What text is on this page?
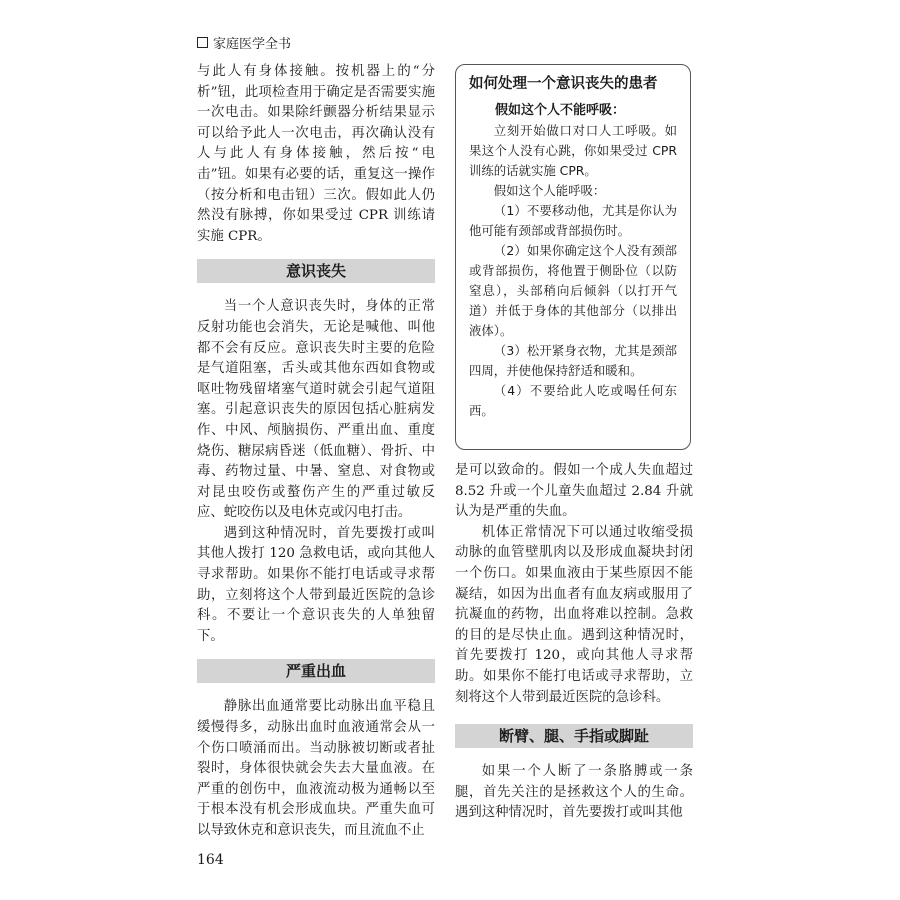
家庭医学全书

与此人有身体接触。按机器上的“分析”钮，此项检查用于确定是否需要实施一次电击。如果除纤颤器分析结果显示可以给予此人一次电击，再次确认没有人与此人有身体接触，然后按“电击”钮。如果有必要的话，重复这一操作（按分析和电击钮）三次。假如此人仍然没有脉搏，你如果受过 CPR 训练请实施 CPR。

意识丧失

当一个人意识丧失时，身体的正常反射功能也会消失，无论是喊他、叫他都不会有反应。意识丧失时主要的危险是气道阻塞，舌头或其他东西如食物或呕吐物残留堵塞气道时就会引起气道阻塞。引起意识丧失的原因包括心脏病发作、中风、颅脑损伤、严重出血、重度烧伤、糖尿病昏迷（低血糖）、骨折、中毒、药物过量、中暑、窒息、对食物或对昆虫咬伤或螯伤产生的严重过敏反应、蛇咬伤以及电休克或闪电打击。

遇到这种情况时，首先要拨打或叫其他人拨打 120 急救电话，或向其他人寻求帮助。如果你不能打电话或寻求帮助，立刻将这个人带到最近医院的急诊科。不要让一个意识丧失的人单独留下。

严重出血

静脉出血通常要比动脉出血平稳且缓慢得多，动脉出血时血液通常会从一个伤口喷涌而出。当动脉被切断或者扯裂时，身体很快就会失去大量血液。在严重的创伤中，血液流动极为通畅以至于根本没有机会形成血块。严重失血可以导致休克和意识丧失，而且流血不止

如何处理一个意识丧失的患者

假如这个人不能呼吸：

立刻开始做口对口人工呼吸。如果这个人没有心跳，你如果受过 CPR 训练的话就实施 CPR。

假如这个人能呼吸：

（1）不要移动他，尤其是你认为他可能有颈部或背部损伤时。

（2）如果你确定这个人没有颈部或背部损伤，将他置于侧卧位（以防窒息），头部稍向后倾斜（以打开气道）并低于身体的其他部分（以排出液体）。

（3）松开紧身衣物，尤其是颈部四周，并使他保持舒适和暖和。

（4）不要给此人吃或喝任何东西。

是可以致命的。假如一个成人失血超过 8.52 升或一个儿童失血超过 2.84 升就认为是严重的失血。

机体正常情况下可以通过收缩受损动脉的血管壁肌肉以及形成血凝块封闭一个伤口。如果血液由于某些原因不能凝结，如因为出血者有血友病或服用了抗凝血的药物，出血将难以控制。急救的目的是尽快止血。遇到这种情况时，首先要拨打 120，或向其他人寻求帮助。如果你不能打电话或寻求帮助，立刻将这个人带到最近医院的急诊科。

断臂、腿、手指或脚趾

如果一个人断了一条胳膊或一条腿，首先关注的是拯救这个人的生命。遇到这种情况时，首先要拨打或叫其他

164
